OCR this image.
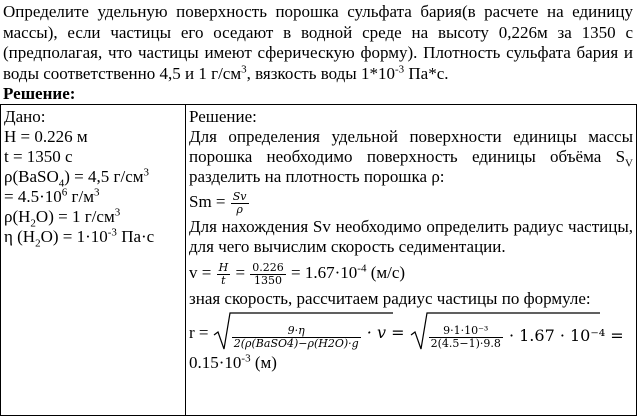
Определите удельную поверхность порошка сульфата бария(в расчете на единицу массы), если частицы его оседают в водной среде на высоту 0,226м за 1350 с (предполагая, что частицы имеют сферическую форму). Плотность сульфата бария и воды соответственно 4,5 и 1 $г/см^3$, вязкость воды $1*10^{-3}$ Па*с.
Решение:
Дано:
H = 0.226 м
t = 1350 с
ρ(BaSO$_4$) = 4,5 $г/см^3$
= $4.5\cdot 10^6$ $г/м^3$
$\rho(H_2O) = 1$ $г/см^3$
η $(H_2O) = 1\cdot 10^{-3}$ Па·с

Решение:
Для определения удельной поверхности единицы массы порошка необходимо поверхность единицы объёма $S_V$ разделить на плотность порошка ρ:
$Sm = \frac{Sv}{\rho}$
Для нахождения Sv необходимо определить радиус частицы, для чего вычислим скорость седиментации.
$v = \frac{H}{t} = \frac{0.226}{1350} = 1.67\cdot 10^{-4}$ (м/с)
зная скорость, рассчитаем радиус частицы по формуле:
$r = \frac{9\cdot\eta}{\text{2(ρ(BaSO4)−ρ(H2O)·g}} \cdot v = \frac{\text{9·1·10⁻³}}{2(4.5-1)\cdot 9.8} \cdot 1.67 \cdot 10^{-4}$ =
$0.15\cdot 10^{-3}$ (м)
